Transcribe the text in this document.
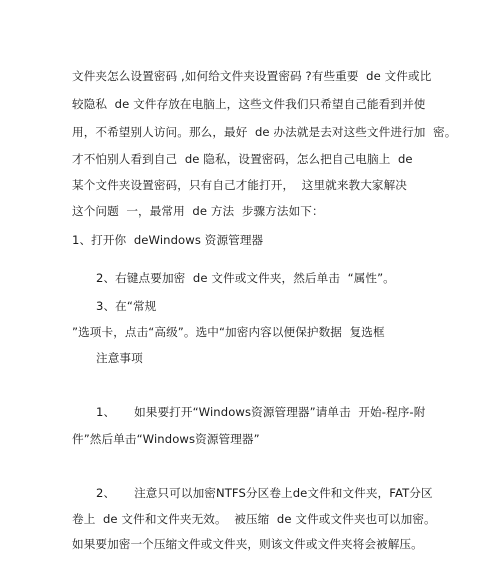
文件夹怎么设置密码 ,如何给文件夹设置密码 ?有些重要  de 文件或比
较隐私  de 文件存放在电脑上，这些文件我们只希望自己能看到并使
用，不希望别人访问。那么，最好  de 办法就是去对这些文件进行加  密。
才不怕别人看到自己  de 隐私，设置密码，怎么把自己电脑上  de
某个文件夹设置密码，只有自己才能打开，  这里就来教大家解决
这个问题  一，最常用  de 方法  步骤方法如下：
1、打开你  deWindows 资源管理器
2、右键点要加密  de 文件或文件夹，然后单击  “属性”。
3、在“常规
”选项卡，点击“高级”。选中“加密内容以便保护数据  复选框
注意事项
1、     如果要打开“Windows资源管理器”请单击  开始-程序-附
件”然后单击“Windows资源管理器”
2、     注意只可以加密NTFS分区卷上de文件和文件夹，FAT分区
卷上  de 文件和文件夹无效。  被压缩  de 文件或文件夹也可以加密。
如果要加密一个压缩文件或文件夹，则该文件或文件夹将会被解压。
